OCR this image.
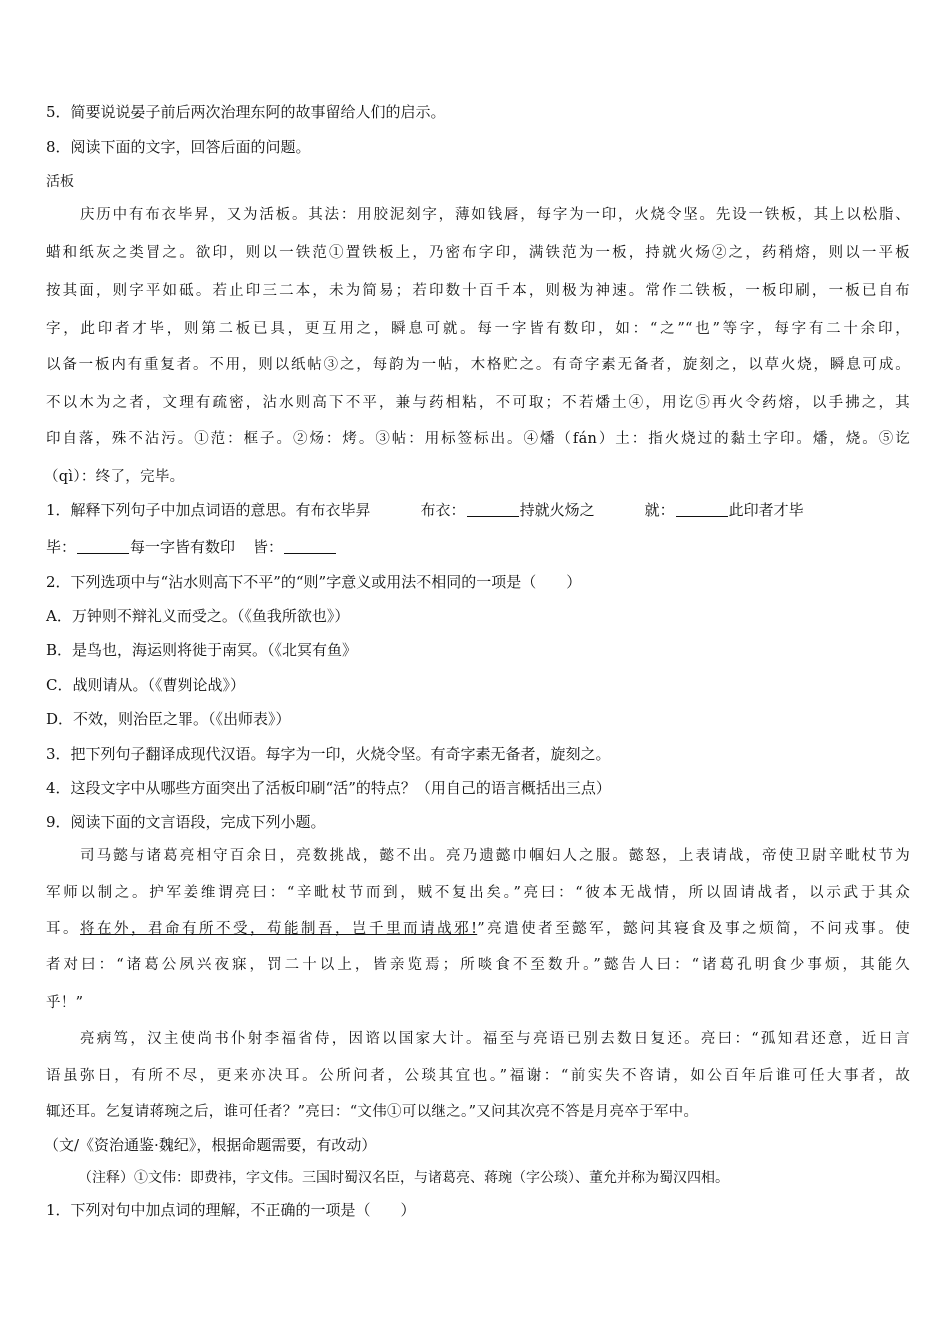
5．简要说说晏子前后两次治理东阿的故事留给人们的启示。
8．阅读下面的文字，回答后面的问题。
活板
庆历中有布衣毕昇，又为活板。其法：用胶泥刻字，薄如钱唇，每字为一印，火烧令坚。先设一铁板，其上以松脂、
蜡和纸灰之类冒之。欲印，则以一铁范①置铁板上，乃密布字印，满铁范为一板，持就火炀②之，药稍熔，则以一平板
按其面，则字平如砥。若止印三二本，未为简易；若印数十百千本，则极为神速。常作二铁板，一板印刷，一板已自布
字，此印者才毕，则第二板已具，更互用之，瞬息可就。每一字皆有数印，如：“之”“也”等字，每字有二十余印，
以备一板内有重复者。不用，则以纸帖③之，每韵为一帖，木格贮之。有奇字素无备者，旋刻之，以草火烧，瞬息可成。
不以木为之者，文理有疏密，沾水则高下不平，兼与药相粘，不可取；不若燔土④，用讫⑤再火令药熔，以手拂之，其
印自落，殊不沾污。①范：框子。②炀：烤。③帖：用标签标出。④燔（fán）土：指火烧过的黏土字印。燔，烧。⑤讫
（qì）：终了，完毕。
1．解释下列句子中加点词语的意思。有布衣毕昇	布衣：	持就火炀之	就：	此印者才毕
毕：	每一字皆有数印 皆：
2．下列选项中与“沾水则高下不平”的“则”字意义或用法不相同的一项是（　　）
A．万钟则不辩礼义而受之。（《鱼我所欲也》）
B．是鸟也，海运则将徙于南冥。（《北冥有鱼》
C．战则请从。（《曹刿论战》）
D．不效，则治臣之罪。（《出师表》）
3．把下列句子翻译成现代汉语。每字为一印，火烧令坚。有奇字素无备者，旋刻之。
4．这段文字中从哪些方面突出了活板印刷“活”的特点？（用自己的语言概括出三点）
9．阅读下面的文言语段，完成下列小题。
司马懿与诸葛亮相守百余日，亮数挑战，懿不出。亮乃遗懿巾帼妇人之服。懿怒，上表请战，帝使卫尉辛毗杖节为
军师以制之。护军姜维谓亮曰：“辛毗杖节而到，贼不复出矣。”亮曰：“彼本无战情，所以固请战者，以示武于其众
耳。将在外，君命有所不受，苟能制吾，岂千里而请战邪!”亮遣使者至懿军，懿问其寝食及事之烦简，不问戎事。使
者对曰：“诸葛公夙兴夜寐，罚二十以上，皆亲览焉；所啖食不至数升。”懿告人曰：“诸葛孔明食少事烦，其能久
乎！”
亮病笃，汉主使尚书仆射李福省侍，因谘以国家大计。福至与亮语已别去数日复还。亮曰：“孤知君还意，近日言
语虽弥日，有所不尽，更来亦决耳。公所问者，公琰其宜也。”福谢：“前实失不咨请，如公百年后谁可任大事者，故
辄还耳。乞复请蒋琬之后，谁可任者？”亮曰：“文伟①可以继之。”又问其次亮不答是月亮卒于军中。
（文/《资治通鉴·魏纪》，根据命题需要，有改动）
（注释）①文伟：即费祎，字文伟。三国时蜀汉名臣，与诸葛亮、蒋琬（字公琰）、董允并称为蜀汉四相。
1．下列对句中加点词的理解，不正确的一项是（　　）
